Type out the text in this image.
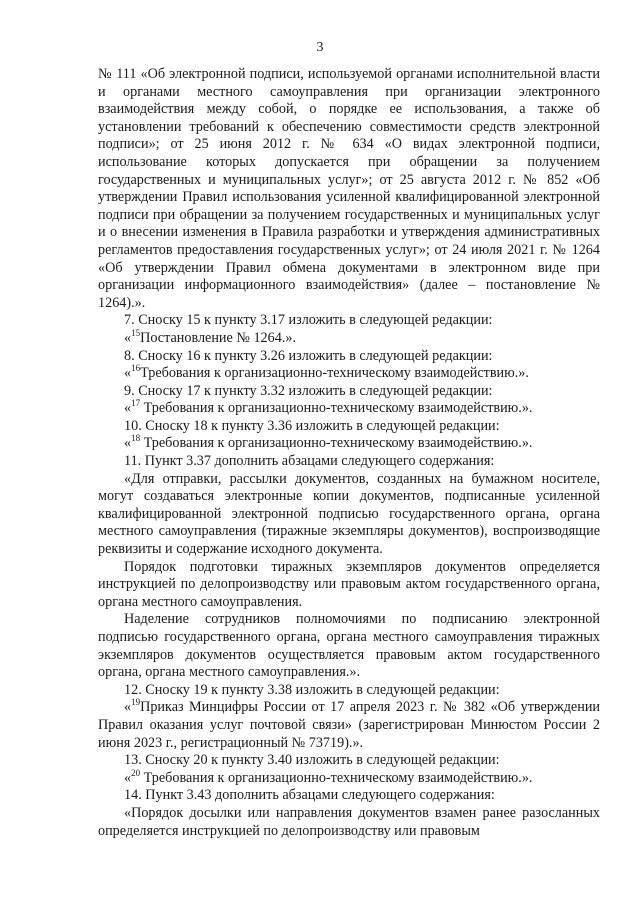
3

№ 111 «Об электронной подписи, используемой органами исполнительной власти и органами местного самоуправления при организации электронного взаимодействия между собой, о порядке ее использования, а также об установлении требований к обеспечению совместимости средств электронной подписи»; от 25 июня 2012 г. № 634 «О видах электронной подписи, использование которых допускается при обращении за получением государственных и муниципальных услуг»; от 25 августа 2012 г. № 852 «Об утверждении Правил использования усиленной квалифицированной электронной подписи при обращении за получением государственных и муниципальных услуг и о внесении изменения в Правила разработки и утверждения административных регламентов предоставления государственных услуг»; от 24 июля 2021 г. № 1264 «Об утверждении Правил обмена документами в электронном виде при организации информационного взаимодействия» (далее – постановление № 1264).».

7. Сноску 15 к пункту 3.17 изложить в следующей редакции:

«$^{15}$Постановление № 1264.».

8. Сноску 16 к пункту 3.26 изложить в следующей редакции:

«$^{16}$Требования к организационно-техническому взаимодействию.».

9. Сноску 17 к пункту 3.32 изложить в следующей редакции:

«$^{17}$ Требования к организационно-техническому взаимодействию.».

10. Сноску 18 к пункту 3.36 изложить в следующей редакции:

«$^{18}$ Требования к организационно-техническому взаимодействию.».

11. Пункт 3.37 дополнить абзацами следующего содержания:

«Для отправки, рассылки документов, созданных на бумажном носителе, могут создаваться электронные копии документов, подписанные усиленной квалифицированной электронной подписью государственного органа, органа местного самоуправления (тиражные экземпляры документов), воспроизводящие реквизиты и содержание исходного документа.

Порядок подготовки тиражных экземпляров документов определяется инструкцией по делопроизводству или правовым актом государственного органа, органа местного самоуправления.

Наделение сотрудников полномочиями по подписанию электронной подписью государственного органа, органа местного самоуправления тиражных экземпляров документов осуществляется правовым актом государственного органа, органа местного самоуправления.».

12. Сноску 19 к пункту 3.38 изложить в следующей редакции:

«$^{19}$Приказ Минцифры России от 17 апреля 2023 г. № 382 «Об утверждении Правил оказания услуг почтовой связи» (зарегистрирован Минюстом России 2 июня 2023 г., регистрационный № 73719).».

13. Сноску 20 к пункту 3.40 изложить в следующей редакции:

«$^{20}$ Требования к организационно-техническому взаимодействию.».

14. Пункт 3.43 дополнить абзацами следующего содержания:

«Порядок досылки или направления документов взамен ранее разосланных определяется инструкцией по делопроизводству или правовым
